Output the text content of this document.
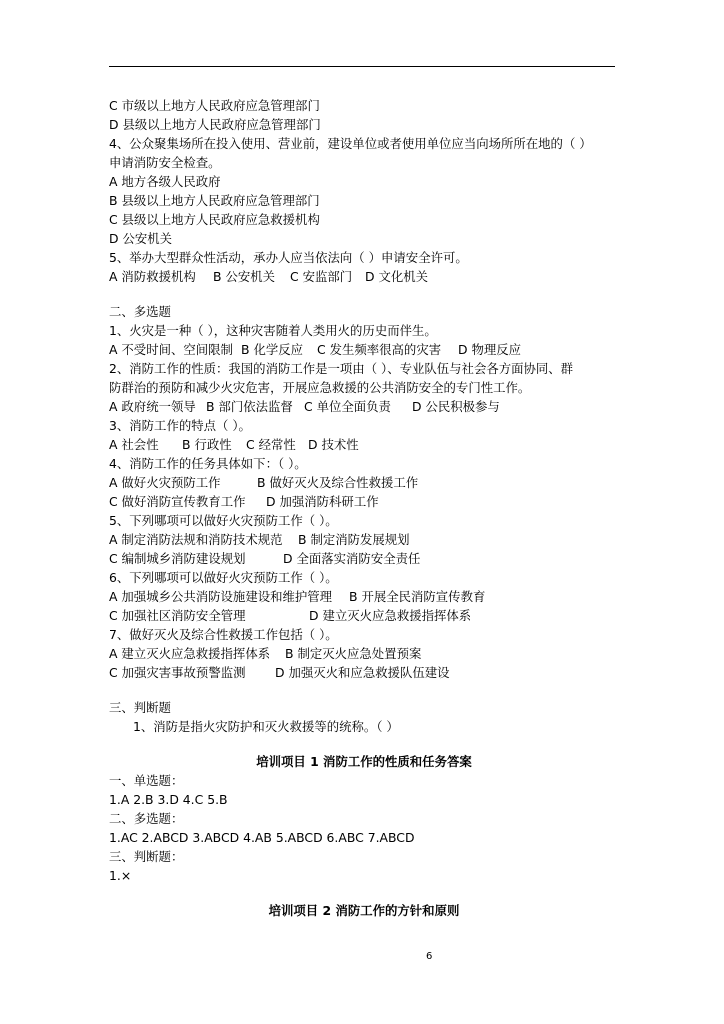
C 市级以上地方人民政府应急管理部门
D 县级以上地方人民政府应急管理部门
4、公众聚集场所在投入使用、营业前，建设单位或者使用单位应当向场所所在地的（ ）
申请消防安全检查。
A 地方各级人民政府
B 县级以上地方人民政府应急管理部门
C 县级以上地方人民政府应急救援机构
D 公安机关
5、举办大型群众性活动，承办人应当依法向（ ）申请安全许可。
A 消防救援机构	B 公安机关	C 安监部门	D 文化机关
二、多选题
1、火灾是一种（ ），这种灾害随着人类用火的历史而伴生。
A 不受时间、空间限制 B 化学反应	C 发生频率很高的灾害	D 物理反应
2、消防工作的性质：我国的消防工作是一项由（ ）、专业队伍与社会各方面协同、群
防群治的预防和减少火灾危害，开展应急救援的公共消防安全的专门性工作。
A 政府统一领导 B 部门依法监督 C 单位全面负责	D 公民积极参与
3、消防工作的特点（ ）。
A 社会性	B 行政性	C 经常性 D 技术性
4、消防工作的任务具体如下：（ ）。
A 做好火灾预防工作	B 做好灭火及综合性救援工作
C 做好消防宣传教育工作	D 加强消防科研工作
5、下列哪项可以做好火灾预防工作（ ）。
A 制定消防法规和消防技术规范	B 制定消防发展规划
C 编制城乡消防建设规划	D 全面落实消防安全责任
6、下列哪项可以做好火灾预防工作（ ）。
A 加强城乡公共消防设施建设和维护管理	B 开展全民消防宣传教育
C 加强社区消防安全管理	D 建立灭火应急救援指挥体系
7、做好灭火及综合性救援工作包括（ ）。
A 建立灭火应急救援指挥体系	B 制定灭火应急处置预案
C 加强灾害事故预警监测	D 加强灭火和应急救援队伍建设
三、判断题
1、消防是指火灾防护和灭火救援等的统称。（ ）
培训项目 1 消防工作的性质和任务答案
一、单选题：
1.A 2.B 3.D 4.C 5.B
二、多选题：
1.AC 2.ABCD 3.ABCD 4.AB 5.ABCD 6.ABC 7.ABCD
三、判断题：
1.×
培训项目 2 消防工作的方针和原则
6
